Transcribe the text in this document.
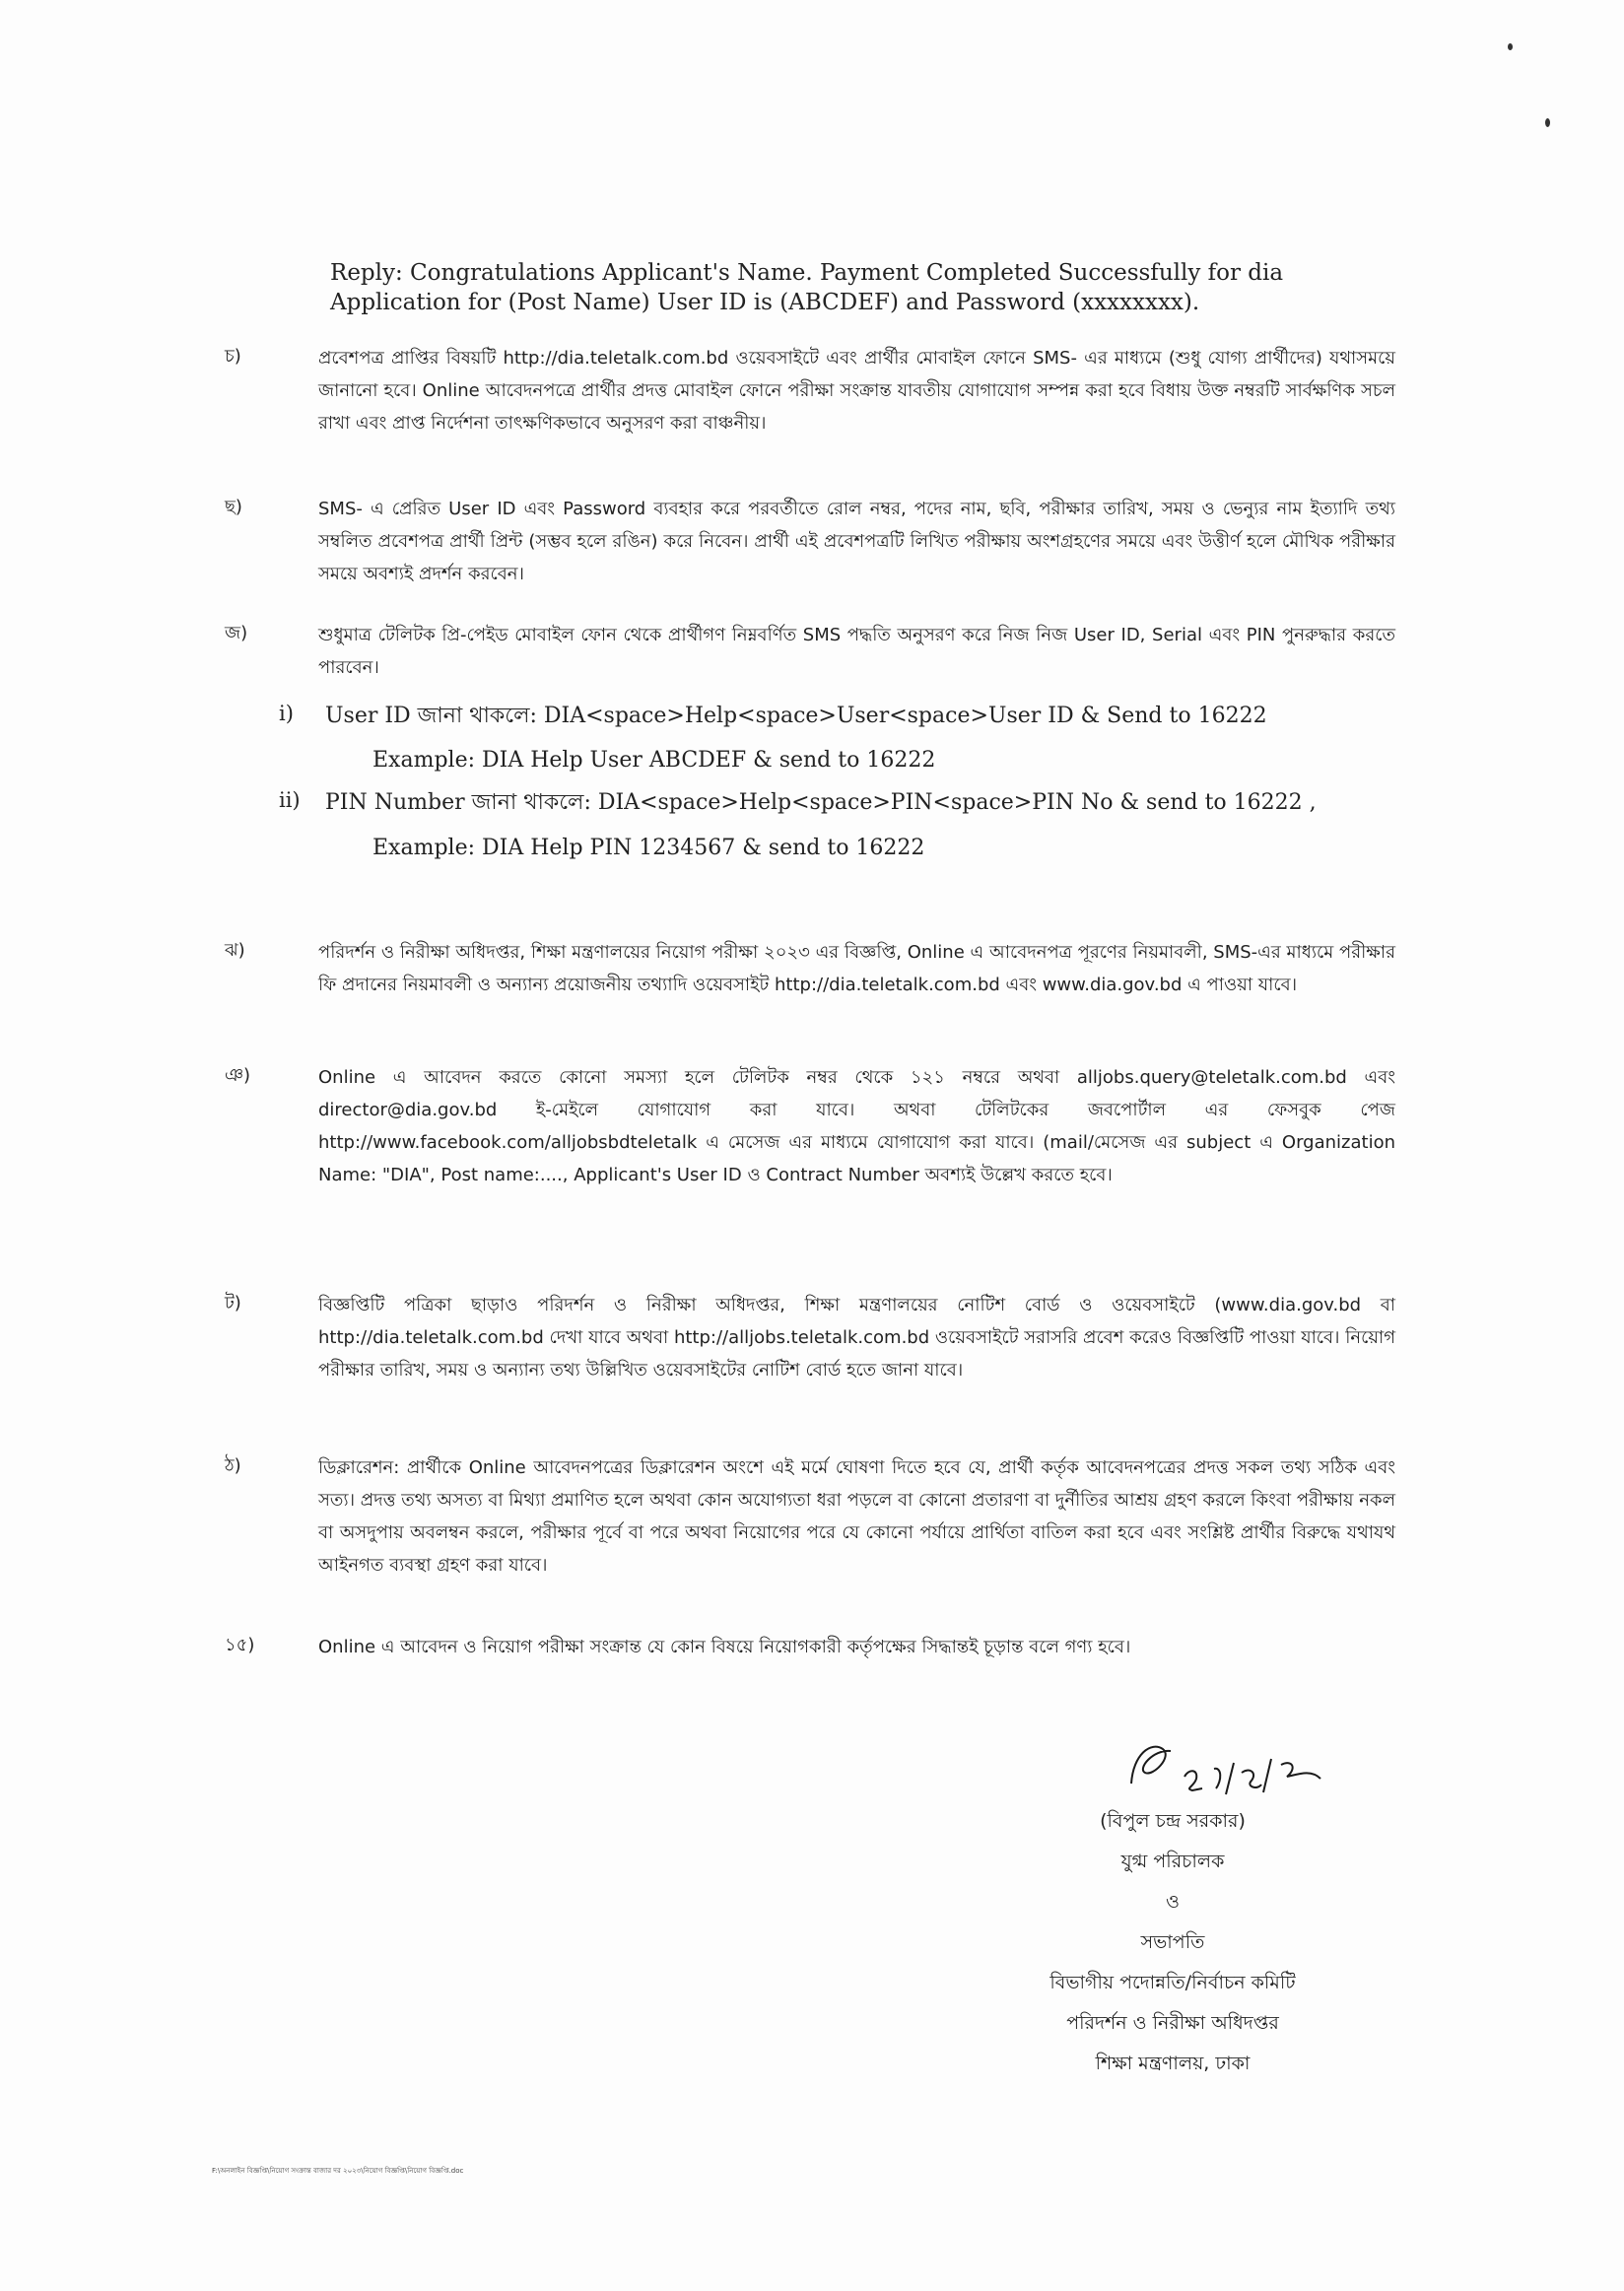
Reply: Congratulations Applicant's Name. Payment Completed Successfully for dia
Application for (Post Name) User ID is (ABCDEF) and Password (xxxxxxxx).
চ)	প্রবেশপত্র প্রাপ্তির বিষয়টি http://dia.teletalk.com.bd ওয়েবসাইটে এবং প্রার্থীর মোবাইল ফোনে SMS- এর মাধ্যমে (শুধু যোগ্য প্রার্থীদের) যথাসময়ে জানানো হবে। Online আবেদনপত্রে প্রার্থীর প্রদত্ত মোবাইল ফোনে পরীক্ষা সংক্রান্ত যাবতীয় যোগাযোগ সম্পন্ন করা হবে বিধায় উক্ত নম্বরটি সার্বক্ষণিক সচল রাখা এবং প্রাপ্ত নির্দেশনা তাৎক্ষণিকভাবে অনুসরণ করা বাঞ্চনীয়।
ছ)	SMS- এ প্রেরিত User ID এবং Password ব্যবহার করে পরবর্তীতে রোল নম্বর, পদের নাম, ছবি, পরীক্ষার তারিখ, সময় ও ভেন্যুর নাম ইত্যাদি তথ্য সম্বলিত প্রবেশপত্র প্রার্থী প্রিন্ট (সম্ভব হলে রঙিন) করে নিবেন। প্রার্থী এই প্রবেশপত্রটি লিখিত পরীক্ষায় অংশগ্রহণের সময়ে এবং উত্তীর্ণ হলে মৌখিক পরীক্ষার সময়ে অবশ্যই প্রদর্শন করবেন।
জ)	শুধুমাত্র টেলিটক প্রি-পেইড মোবাইল ফোন থেকে প্রার্থীগণ নিম্নবর্ণিত SMS পদ্ধতি অনুসরণ করে নিজ নিজ User ID, Serial এবং PIN পুনরুদ্ধার করতে পারবেন।
i) User ID জানা থাকলে: DIA<space>Help<space>User<space>User ID & Send to 16222
Example: DIA Help User ABCDEF & send to 16222
ii) PIN Number জানা থাকলে: DIA<space>Help<space>PIN<space>PIN No & send to 16222 ,
Example: DIA Help PIN 1234567 & send to 16222
ঝ)	পরিদর্শন ও নিরীক্ষা অধিদপ্তর, শিক্ষা মন্ত্রণালয়ের নিয়োগ পরীক্ষা ২০২৩ এর বিজ্ঞপ্তি, Online এ আবেদনপত্র পূরণের নিয়মাবলী, SMS-এর মাধ্যমে পরীক্ষার ফি প্রদানের নিয়মাবলী ও অন্যান্য প্রয়োজনীয় তথ্যাদি ওয়েবসাইট http://dia.teletalk.com.bd এবং www.dia.gov.bd এ পাওয়া যাবে।
ঞ)	Online এ আবেদন করতে কোনো সমস্যা হলে টেলিটক নম্বর থেকে ১২১ নম্বরে অথবা alljobs.query@teletalk.com.bd এবং director@dia.gov.bd ই-মেইলে যোগাযোগ করা যাবে। অথবা টেলিটকের জবপোর্টাল এর ফেসবুক পেজ http://www.facebook.com/alljobsbdteletalk এ মেসেজ এর মাধ্যমে যোগাযোগ করা যাবে। (mail/মেসেজ এর subject এ Organization Name: "DIA", Post name:...., Applicant's User ID ও Contract Number অবশ্যই উল্লেখ করতে হবে।
ট)	বিজ্ঞপ্তিটি পত্রিকা ছাড়াও পরিদর্শন ও নিরীক্ষা অধিদপ্তর, শিক্ষা মন্ত্রণালয়ের নোটিশ বোর্ড ও ওয়েবসাইটে (www.dia.gov.bd বা http://dia.teletalk.com.bd দেখা যাবে অথবা http://alljobs.teletalk.com.bd ওয়েবসাইটে সরাসরি প্রবেশ করেও বিজ্ঞপ্তিটি পাওয়া যাবে। নিয়োগ পরীক্ষার তারিখ, সময় ও অন্যান্য তথ্য উল্লিখিত ওয়েবসাইটের নোটিশ বোর্ড হতে জানা যাবে।
ঠ)	ডিক্লারেশন: প্রার্থীকে Online আবেদনপত্রের ডিক্লারেশন অংশে এই মর্মে ঘোষণা দিতে হবে যে, প্রার্থী কর্তৃক আবেদনপত্রের প্রদত্ত সকল তথ্য সঠিক এবং সত্য। প্রদত্ত তথ্য অসত্য বা মিথ্যা প্রমাণিত হলে অথবা কোন অযোগ্যতা ধরা পড়লে বা কোনো প্রতারণা বা দুর্নীতির আশ্রয় গ্রহণ করলে কিংবা পরীক্ষায় নকল বা অসদুপায় অবলম্বন করলে, পরীক্ষার পূর্বে বা পরে অথবা নিয়োগের পরে যে কোনো পর্যায়ে প্রার্থিতা বাতিল করা হবে এবং সংশ্লিষ্ট প্রার্থীর বিরুদ্ধে যথাযথ আইনগত ব্যবস্থা গ্রহণ করা যাবে।
১৫)	Online এ আবেদন ও নিয়োগ পরীক্ষা সংক্রান্ত যে কোন বিষয়ে নিয়োগকারী কর্তৃপক্ষের সিদ্ধান্তই চূড়ান্ত বলে গণ্য হবে।
(বিপুল চন্দ্র সরকার)
যুগ্ম পরিচালক
ও
সভাপতি
বিভাগীয় পদোন্নতি/নির্বাচন কমিটি
পরিদর্শন ও নিরীক্ষা অধিদপ্তর
শিক্ষা মন্ত্রণালয়, ঢাকা
F:\অনলাইন বিজ্ঞপ্তি\নিয়োগ সংক্রান্ত বাজার দর ২০২৩\নিয়োগ বিজ্ঞপ্তি\নিয়োগ বিজ্ঞপ্তি.doc
